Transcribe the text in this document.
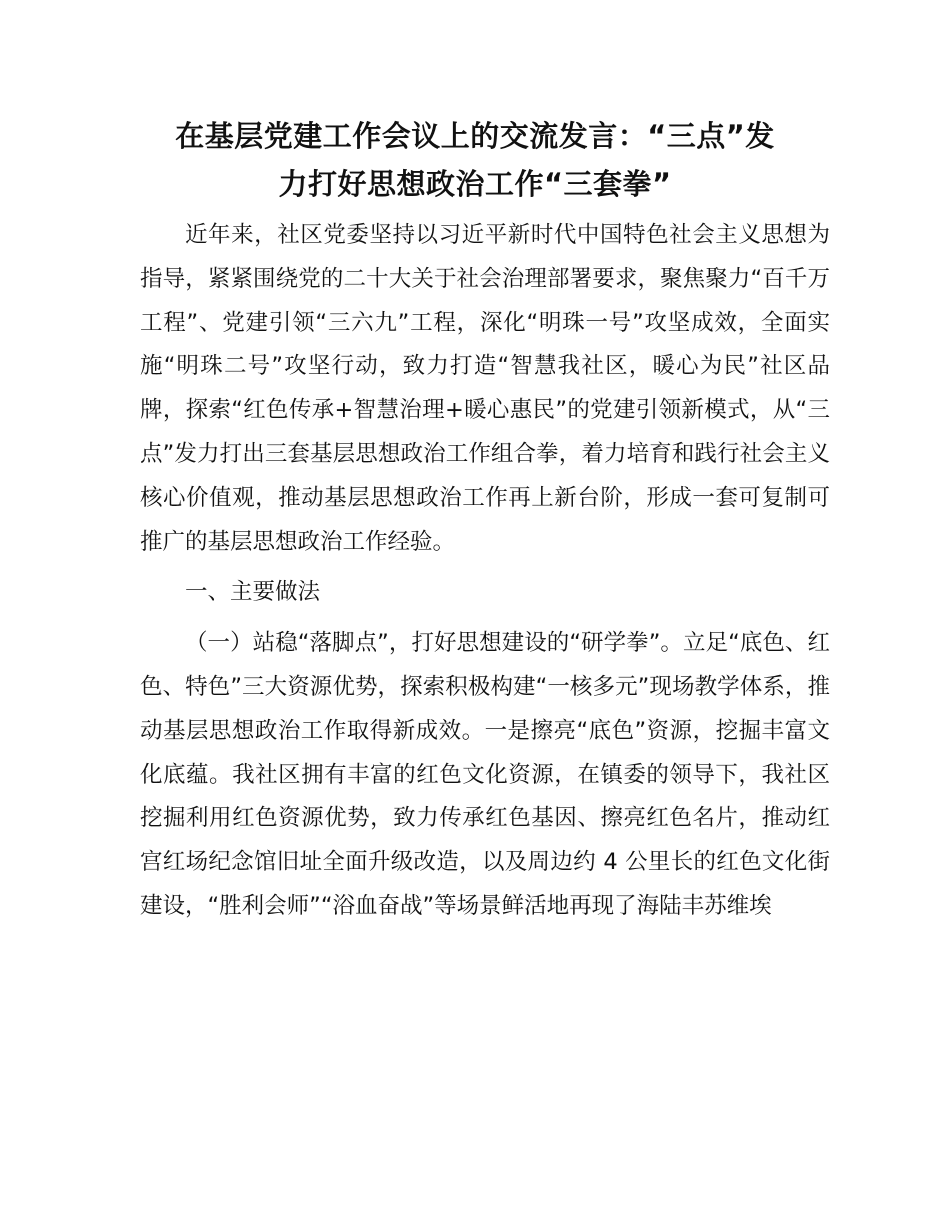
在基层党建工作会议上的交流发言：“三点”发
力打好思想政治工作“三套拳”

近年来，社区党委坚持以习近平新时代中国特色社会主义思想为指导，紧紧围绕党的二十大关于社会治理部署要求，聚焦聚力“百千万工程”、党建引领“三六九”工程，深化“明珠一号”攻坚成效，全面实施“明珠二号”攻坚行动，致力打造“智慧我社区，暖心为民”社区品牌，探索“红色传承+智慧治理+暖心惠民”的党建引领新模式，从“三点”发力打出三套基层思想政治工作组合拳，着力培育和践行社会主义核心价值观，推动基层思想政治工作再上新台阶，形成一套可复制可推广的基层思想政治工作经验。

一、主要做法

（一）站稳“落脚点”，打好思想建设的“研学拳”。立足“底色、红色、特色”三大资源优势，探索积极构建“一核多元”现场教学体系，推动基层思想政治工作取得新成效。一是擦亮“底色”资源，挖掘丰富文化底蕴。我社区拥有丰富的红色文化资源，在镇委的领导下，我社区挖掘利用红色资源优势，致力传承红色基因、擦亮红色名片，推动红宫红场纪念馆旧址全面升级改造，以及周边约 4 公里长的红色文化街建设，“胜利会师”“浴血奋战”等场景鲜活地再现了海陆丰苏维埃
